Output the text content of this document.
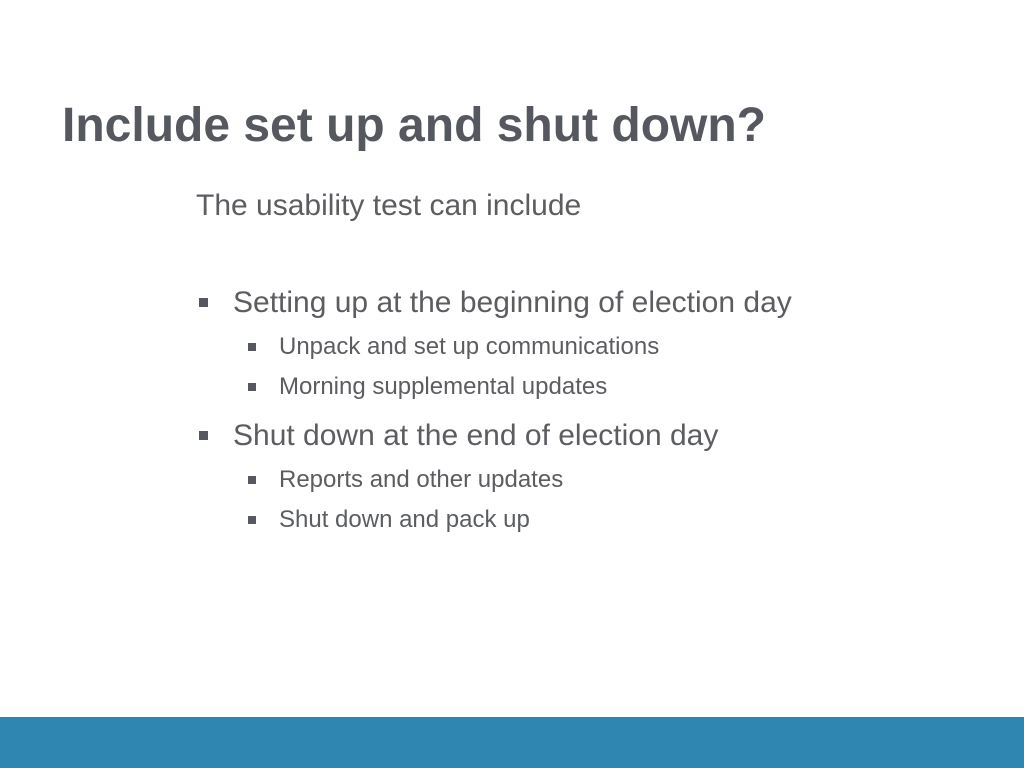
Include set up and shut down?
The usability test can include
Setting up at the beginning of election day
Unpack and set up communications
Morning supplemental updates
Shut down at the end of election day
Reports and other updates
Shut down and pack up
